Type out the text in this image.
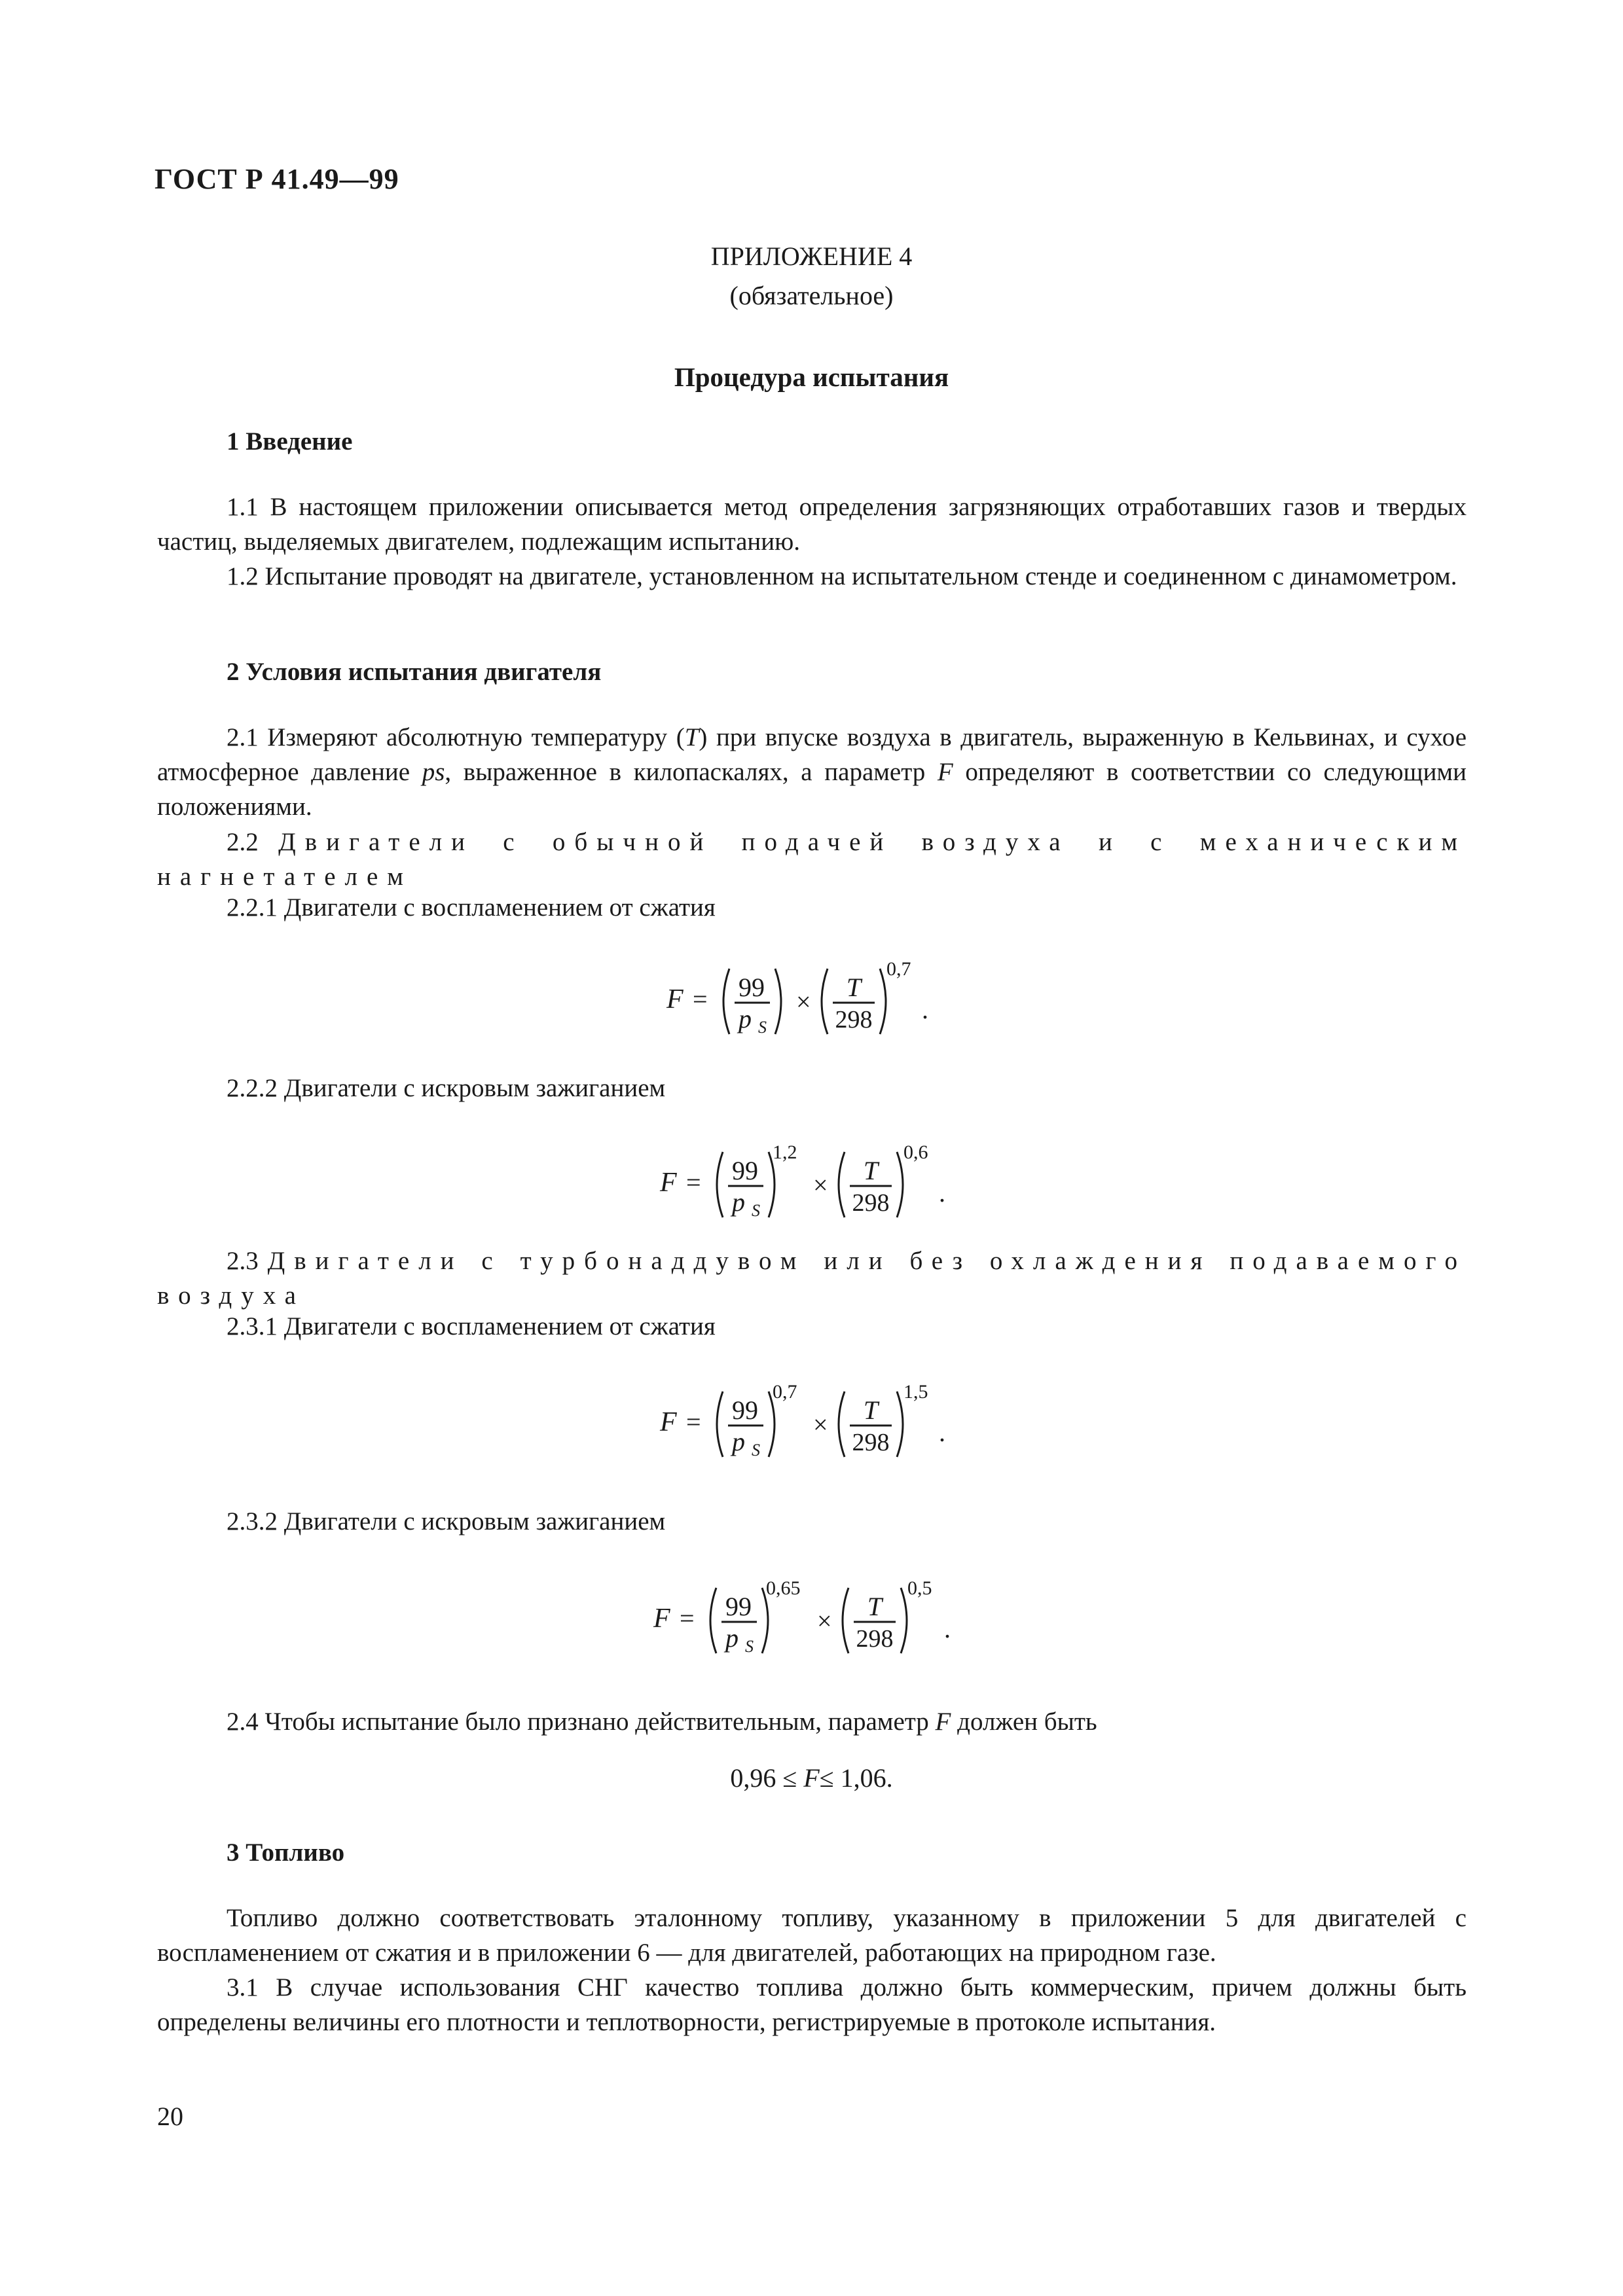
ГОСТ Р 41.49—99
ПРИЛОЖЕНИЕ 4
(обязательное)
Процедура испытания
1 Введение
1.1 В настоящем приложении описывается метод определения загрязняющих отработавших газов и твердых частиц, выделяемых двигателем, подлежащим испытанию.
1.2 Испытание проводят на двигателе, установленном на испытательном стенде и соединенном с динамометром.
2 Условия испытания двигателя
2.1 Измеряют абсолютную температуру (T) при впуске воздуха в двигатель, выраженную в Кельвинах, и сухое атмосферное давление ps, выраженное в килопаскалях, а параметр F определяют в соответствии со следующими положениями.
2.2 Двигатели с обычной подачей воздуха и с механическим нагнетателем
2.2.1 Двигатели с воспламенением от сжатия
F = 99
p S
× T
298
0,7
.
2.2.2 Двигатели с искровым зажиганием
F = 99
p S
1,2
× T
298
0,6
.
2.3 Двигатели с турбонаддувом или без охлаждения подаваемого воздуха
2.3.1 Двигатели с воспламенением от сжатия
F = 99
p S
0,7
× T
298
1,5
.
2.3.2 Двигатели с искровым зажиганием
F = 99
p S
0,65
× T
298
0,5
.
2.4 Чтобы испытание было признано действительным, параметр F должен быть
0,96 ≤ F≤ 1,06.
3 Топливо
Топливо должно соответствовать эталонному топливу, указанному в приложении 5 для двигателей с воспламенением от сжатия и в приложении 6 — для двигателей, работающих на природном газе.
3.1 В случае использования СНГ качество топлива должно быть коммерческим, причем должны быть определены величины его плотности и теплотворности, регистрируемые в протоколе испытания.
20
